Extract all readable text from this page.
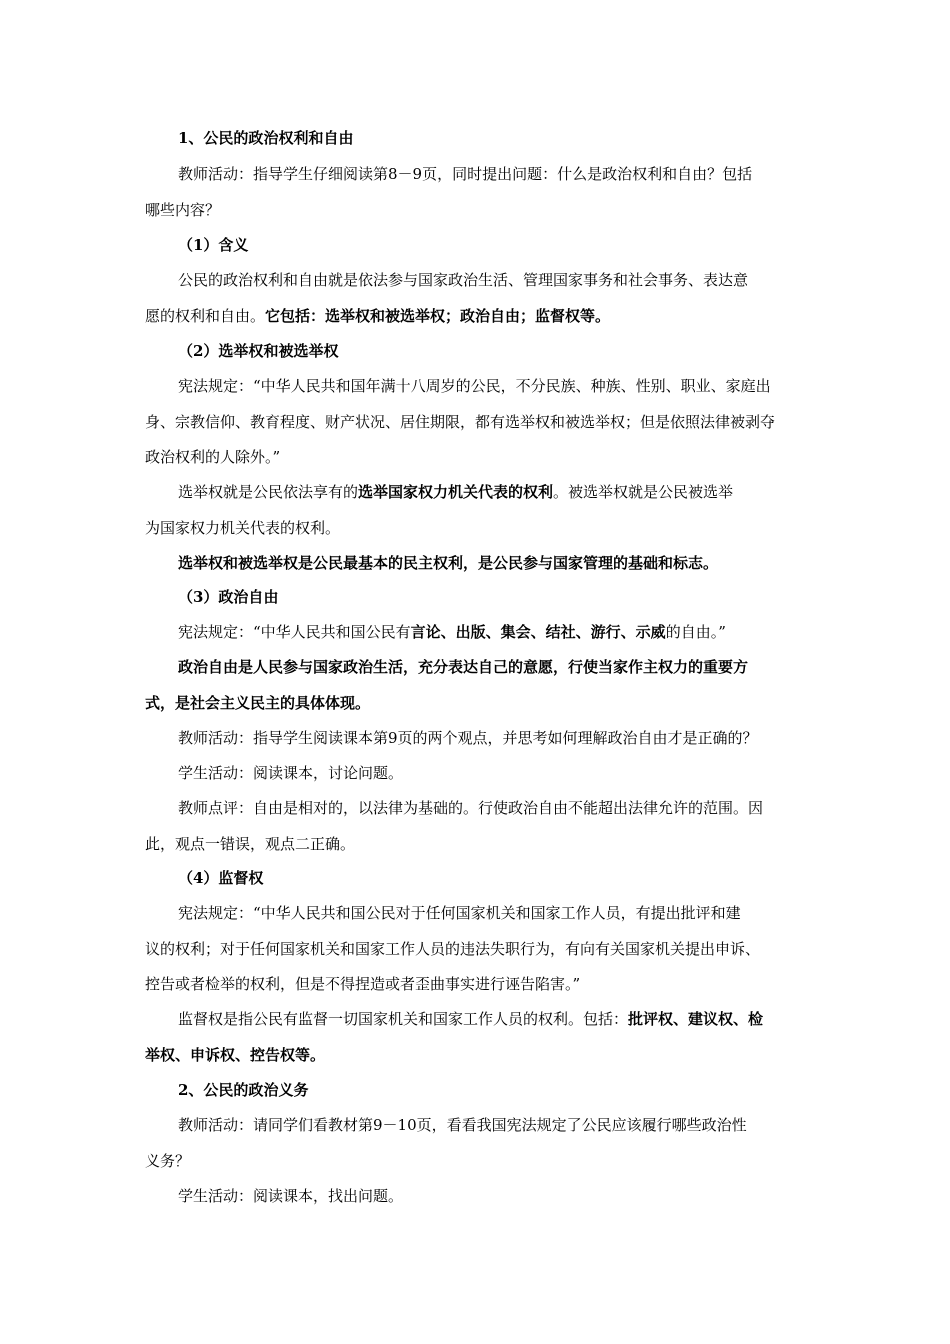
1、公民的政治权利和自由
教师活动：指导学生仔细阅读第8－9页，同时提出问题：什么是政治权利和自由？包括
哪些内容？
（1）含义
公民的政治权利和自由就是依法参与国家政治生活、管理国家事务和社会事务、表达意
愿的权利和自由。它包括：选举权和被选举权；政治自由；监督权等。
（2）选举权和被选举权
宪法规定：“中华人民共和国年满十八周岁的公民，不分民族、种族、性别、职业、家庭出
身、宗教信仰、教育程度、财产状况、居住期限，都有选举权和被选举权；但是依照法律被剥夺
政治权利的人除外。”
选举权就是公民依法享有的选举国家权力机关代表的权利。被选举权就是公民被选举
为国家权力机关代表的权利。
选举权和被选举权是公民最基本的民主权利，是公民参与国家管理的基础和标志。
（3）政治自由
宪法规定：“中华人民共和国公民有言论、出版、集会、结社、游行、示威的自由。”
政治自由是人民参与国家政治生活，充分表达自己的意愿，行使当家作主权力的重要方
式，是社会主义民主的具体体现。
教师活动：指导学生阅读课本第9页的两个观点，并思考如何理解政治自由才是正确的？
学生活动：阅读课本，讨论问题。
教师点评：自由是相对的，以法律为基础的。行使政治自由不能超出法律允许的范围。因
此，观点一错误，观点二正确。
（4）监督权
宪法规定：“中华人民共和国公民对于任何国家机关和国家工作人员，有提出批评和建
议的权利；对于任何国家机关和国家工作人员的违法失职行为，有向有关国家机关提出申诉、
控告或者检举的权利，但是不得捏造或者歪曲事实进行诬告陷害。”
监督权是指公民有监督一切国家机关和国家工作人员的权利。包括：批评权、建议权、检
举权、申诉权、控告权等。
2、公民的政治义务
教师活动：请同学们看教材第9－10页，看看我国宪法规定了公民应该履行哪些政治性
义务？
学生活动：阅读课本，找出问题。
